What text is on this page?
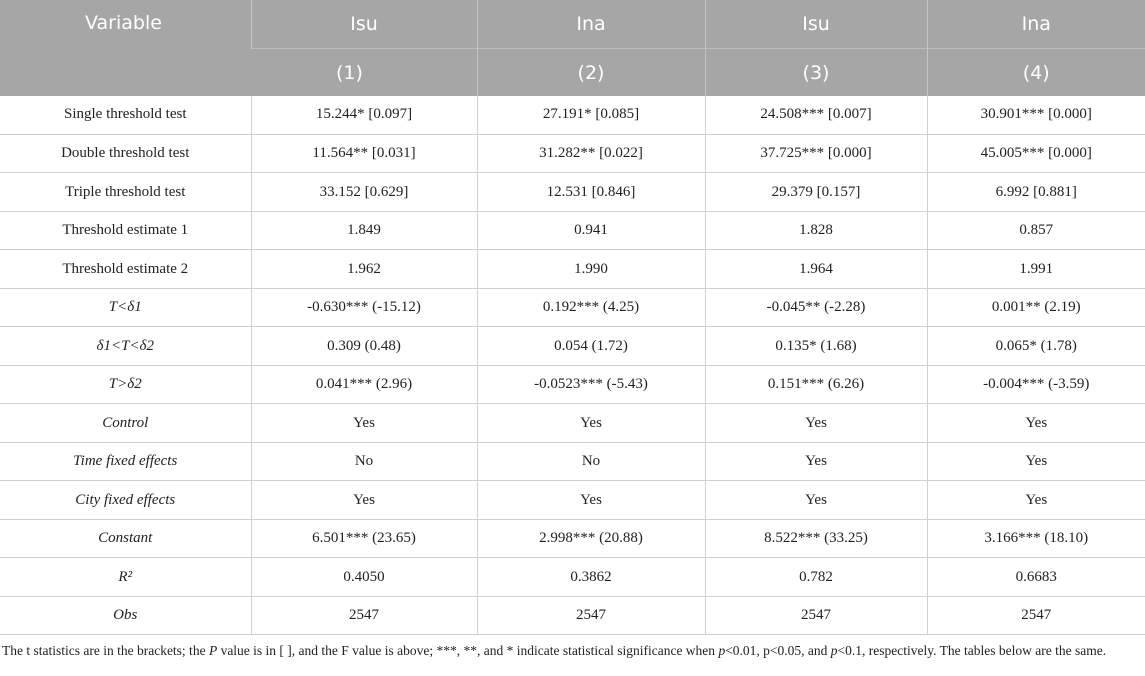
Variable	Isu	Ina	Isu	Ina
	(1)	(2)	(3)	(4)
Single threshold test	15.244* [0.097]	27.191* [0.085]	24.508*** [0.007]	30.901*** [0.000]
Double threshold test	11.564** [0.031]	31.282** [0.022]	37.725*** [0.000]	45.005*** [0.000]
Triple threshold test	33.152 [0.629]	12.531 [0.846]	29.379 [0.157]	6.992 [0.881]
Threshold estimate 1	1.849	0.941	1.828	0.857
Threshold estimate 2	1.962	1.990	1.964	1.991
T<δ1	-0.630*** (-15.12)	0.192*** (4.25)	-0.045** (-2.28)	0.001** (2.19)
δ1<T<δ2	0.309 (0.48)	0.054 (1.72)	0.135* (1.68)	0.065* (1.78)
T>δ2	0.041*** (2.96)	-0.0523*** (-5.43)	0.151*** (6.26)	-0.004*** (-3.59)
Control	Yes	Yes	Yes	Yes
Time fixed effects	No	No	Yes	Yes
City fixed effects	Yes	Yes	Yes	Yes
Constant	6.501*** (23.65)	2.998*** (20.88)	8.522*** (33.25)	3.166*** (18.10)
R²	0.4050	0.3862	0.782	0.6683
Obs	2547	2547	2547	2547
The t statistics are in the brackets; the P value is in [ ], and the F value is above; ***, **, and * indicate statistical significance when p<0.01, p<0.05, and p<0.1, respectively. The tables below are the same.
